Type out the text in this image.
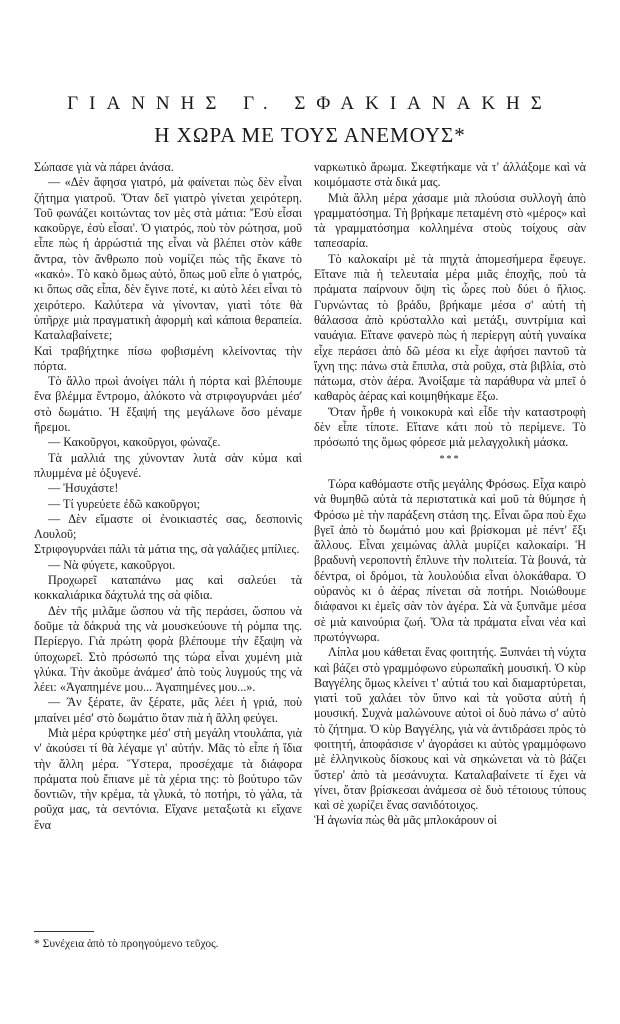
ΓΙΑΝΝΗΣ Γ. ΣΦΑΚΙΑΝΑΚΗΣ
Η ΧΩΡΑ ΜΕ ΤΟΥΣ ΑΝΕΜΟΥΣ*

Σώπασε γιὰ νὰ πάρει ἀνάσα.

— «Δὲν ἄφησα γιατρό, μὰ φαίνεται πὼς δὲν εἶναι ζήτημα γιατροῦ. Ὅταν δεῖ γιατρὸ γίνεται χειρότερη. Τοῦ φωνάζει κοιτώντας τον μὲς στὰ μάτια: 'Ἐσὺ εἶσαι κακοῦργε, ἐσὺ εἶσαι'. Ὁ γιατρός, ποὺ τὸν ρώτησα, μοῦ εἶπε πὼς ἡ ἀρρώστιά της εἶναι νὰ βλέπει στὸν κάθε ἄντρα, τὸν ἄνθρωπο ποὺ νομίζει πὼς τῆς ἔκανε τὸ «κακό». Τὸ κακὸ ὅμως αὐτό, ὅπως μοῦ εἶπε ὁ γιατρός, κι ὅπως σᾶς εἶπα, δὲν ἔγινε ποτέ, κι αὐτὸ λέει εἶναι τὸ χειρότερο. Καλύτερα νὰ γίνονταν, γιατὶ τότε θὰ ὑπῆρχε μιὰ πραγματικὴ ἀφορμὴ καὶ κάποια θεραπεία. Καταλαβαίνετε;

Καὶ τραβήχτηκε πίσω φοβισμένη κλείνοντας τὴν πόρτα.

Τὸ ἄλλο πρωὶ ἀνοίγει πάλι ἡ πόρτα καὶ βλέπουμε ἕνα βλέμμα ἔντρομο, ἀλόκοτο νὰ στριφογυρνάει μέσ' στὸ δωμάτιο. Ἡ ἔξαψή της μεγάλωνε ὅσο μέναμε ἤρεμοι.

— Κακοῦργοι, κακοῦργοι, φώναζε.

Τὰ μαλλιά της χύνονταν λυτὰ σὰν κύμα καὶ πλυμμένα μὲ ὀξυγενέ.

— Ἠσυχάστε!

— Τί γυρεύετε ἐδῶ κακοῦργοι;

— Δὲν εἴμαστε οἱ ἐνοικιαστές σας, δεσποινὶς Λουλοῦ;

Στριφογυρνάει πάλι τὰ μάτια της, σὰ γαλάζιες μπίλιες.

— Νὰ φύγετε, κακοῦργοι.

Προχωρεῖ καταπάνω μας καὶ σαλεύει τὰ κοκκαλιάρικα δάχτυλά της σὰ φίδια.

Δὲν τῆς μιλᾶμε ὥσπου νὰ τῆς περάσει, ὥσπου νὰ δοῦμε τὰ δάκρυά της νὰ μουσκεύουνε τὴ ρόμπα της. Περίεργο. Γιὰ πρώτη φορὰ βλέπουμε τὴν ἔξαψη νὰ ὑποχωρεῖ. Στὸ πρόσωπό της τώρα εἶναι χυμένη μιὰ γλύκα. Τὴν ἀκοῦμε ἀνάμεσ' ἀπὸ τοὺς λυγμούς της νὰ λέει: «Ἀγαπημένε μου... Ἀγαπημένες μου...».

— Ἂν ξέρατε, ἂν ξέρατε, μᾶς λέει ἡ γριά, ποὺ μπαίνει μέσ' στὸ δωμάτιο ὅταν πιὰ ἡ ἄλλη φεύγει.

Μιὰ μέρα κρύφτηκε μέσ' στὴ μεγάλη ντουλάπα, γιὰ ν' ἀκούσει τί θὰ λέγαμε γι' αὐτήν. Μᾶς τὸ εἶπε ἡ ἴδια τὴν ἄλλη μέρα. Ὕστερα, προσέχαμε τὰ διάφορα πράματα ποὺ ἔπιανε μὲ τὰ χέρια της: τὸ βούτυρο τῶν δοντιῶν, τὴν κρέμα, τὰ γλυκά, τὸ ποτήρι, τὸ γάλα, τὰ ροῦχα μας, τὰ σεντόνια. Εἴχανε μεταξωτὰ κι εἴχανε ἕνα

ναρκωτικὸ ἄρωμα. Σκεφτήκαμε νὰ τ' ἀλλάξομε καὶ νὰ κοιμόμαστε στὰ δικά μας.

Μιὰ ἄλλη μέρα χάσαμε μιὰ πλούσια συλλογὴ ἀπὸ γραμματόσημα. Τὴ βρήκαμε πεταμένη στὸ «μέρος» καὶ τὰ γραμματόσημα κολλημένα στοὺς τοίχους σὰν ταπεσαρία.

Τὸ καλοκαίρι μὲ τὰ πηχτὰ ἀπομεσήμερα ἔφευγε. Εἴτανε πιὰ ἡ τελευταία μέρα μιᾶς ἐποχῆς, ποὺ τὰ πράματα παίρνουν ὄψη τὶς ὧρες ποὺ δύει ὁ ἥλιος. Γυρνώντας τὸ βράδυ, βρήκαμε μέσα σ' αὐτὴ τὴ θάλασσα ἀπὸ κρύσταλλο καὶ μετάξι, συντρίμια καὶ ναυάγια. Εἴτανε φανερὸ πὼς ἡ περίεργη αὐτὴ γυναίκα εἶχε περάσει ἀπὸ δῶ μέσα κι εἶχε ἀφήσει παντοῦ τὰ ἴχνη της: πάνω στὰ ἔπιπλα, στὰ ροῦχα, στὰ βιβλία, στὸ πάτωμα, στὸν ἀέρα. Ἀνοίξαμε τὰ παράθυρα νὰ μπεῖ ὁ καθαρὸς ἀέρας καὶ κοιμηθήκαμε ἔξω.

Ὅταν ἦρθε ἡ νοικοκυρὰ καὶ εἶδε τὴν καταστροφὴ δὲν εἶπε τίποτε. Εἴτανε κάτι ποὺ τὸ περίμενε. Τὸ πρόσωπό της ὅμως φόρεσε μιὰ μελαγχολικὴ μάσκα.

***

Τώρα καθόμαστε στῆς μεγάλης Φρόσως. Εἶχα καιρὸ νὰ θυμηθῶ αὐτὰ τὰ περιστατικὰ καὶ μοῦ τὰ θύμησε ἡ Φρόσω μὲ τὴν παράξενη στάση της. Εἶναι ὥρα ποὺ ἔχω βγεῖ ἀπὸ τὸ δωμάτιό μου καὶ βρίσκομαι μὲ πέντ' ἕξι ἄλλους. Εἶναι χειμώνας ἀλλὰ μυρίζει καλοκαίρι. Ἡ βραδυνὴ νεροποντὴ ἔπλυνε τὴν πολιτεία. Τὰ βουνά, τὰ δέντρα, οἱ δρόμοι, τὰ λουλούδια εἶναι ὁλοκάθαρα. Ὁ οὐρανὸς κι ὁ ἀέρας πίνεται σὰ ποτήρι. Νοιώθουμε διάφανοι κι ἐμεῖς σὰν τὸν ἀγέρα. Σὰ νὰ ξυπνᾶμε μέσα σὲ μιὰ καινούρια ζωή. Ὅλα τὰ πράματα εἶναι νέα καὶ πρωτόγνωρα.

Λίπλα μου κάθεται ἕνας φοιτητής. Ξυπνάει τὴ νύχτα καὶ βάζει στὸ γραμμόφωνο εὐρωπαϊκὴ μουσική. Ὁ κὺρ Βαγγέλης ὅμως κλείνει τ' αὐτιά του καὶ διαμαρτύρεται, γιατὶ τοῦ χαλάει τὸν ὕπνο καὶ τὰ γοῦστα αὐτὴ ἡ μουσική. Συχνὰ μαλώνουνε αὐτοὶ οἱ δυὸ πάνω σ' αὐτὸ τὸ ζήτημα. Ὁ κὺρ Βαγγέλης, γιὰ νὰ ἀντιδράσει πρὸς τὸ φοιτητή, ἀποφάσισε ν' ἀγοράσει κι αὐτὸς γραμμόφωνο μὲ ἑλληνικοὺς δίσκους καὶ νὰ σηκώνεται νὰ τὸ βάζει ὕστερ' ἀπὸ τὰ μεσάνυχτα. Καταλαβαίνετε τί ἔχει νὰ γίνει, ὅταν βρίσκεσαι ἀνάμεσα σὲ δυὸ τέτοιους τύπους καὶ σὲ χωρίζει ἕνας σανιδότοιχος.

Ἡ ἀγωνία πὼς θὰ μᾶς μπλοκάρουν οἱ

* Συνέχεια ἀπὸ τὸ προηγούμενο τεῦχος.
